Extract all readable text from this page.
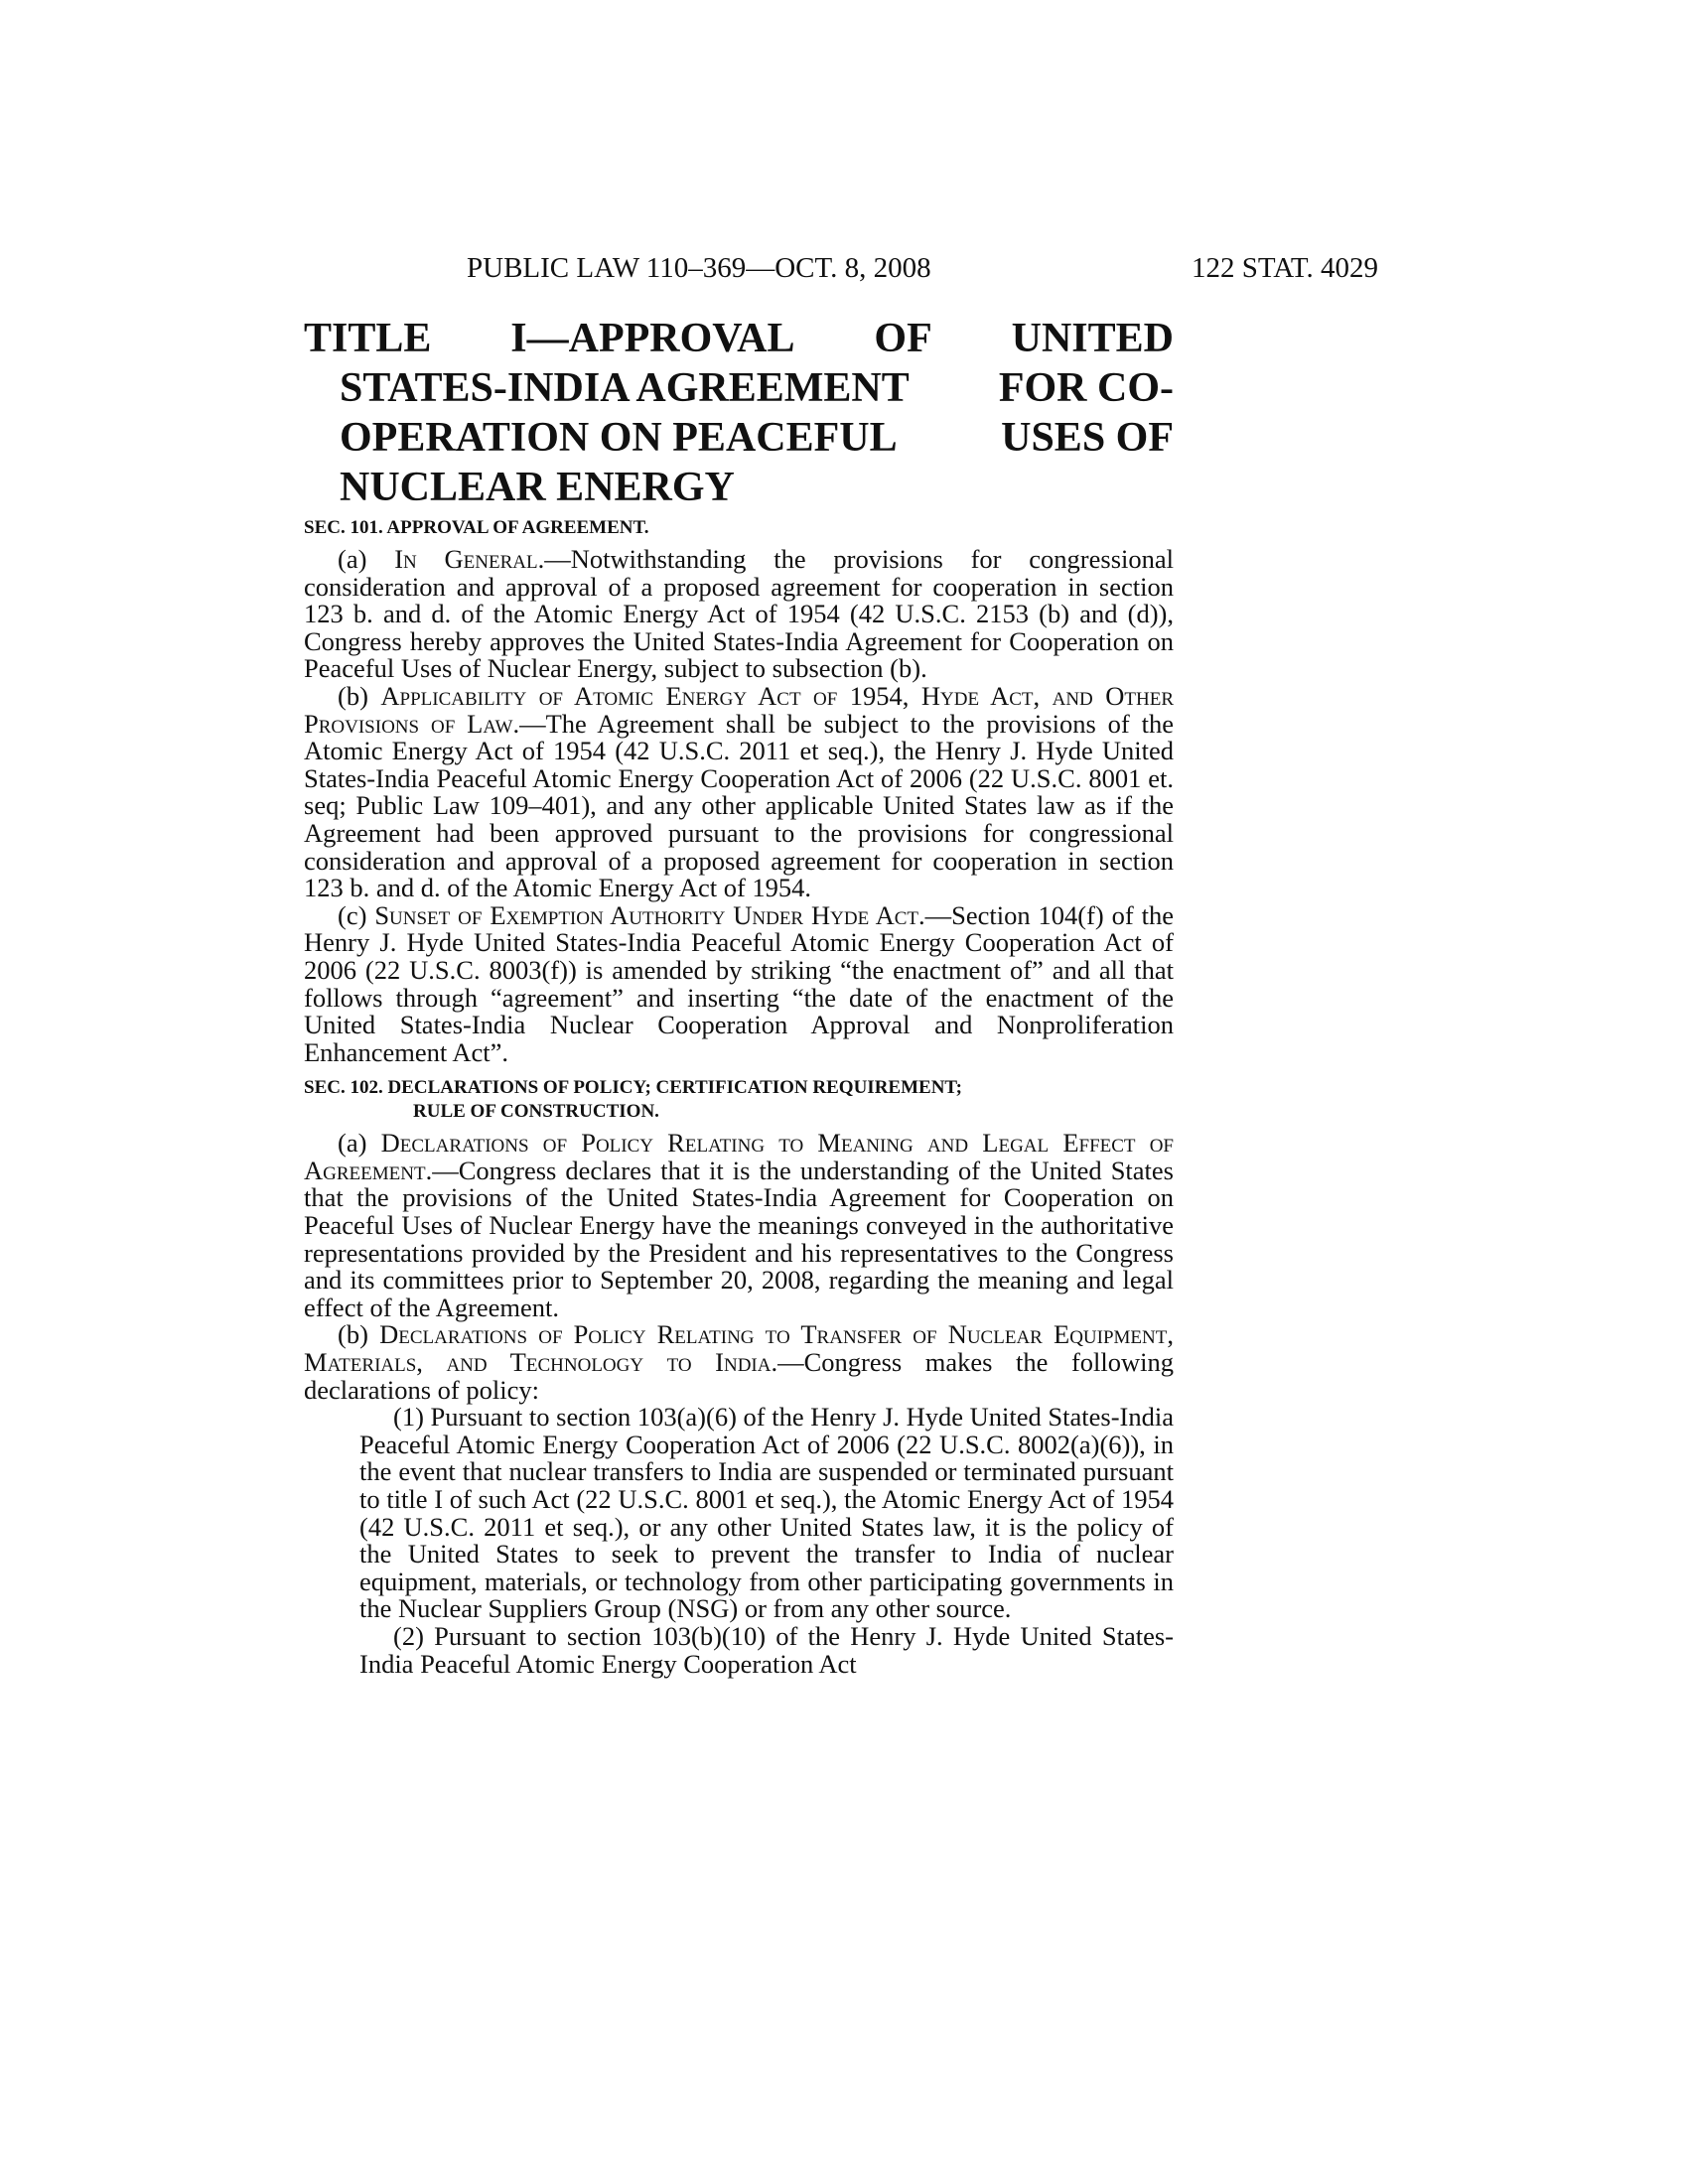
PUBLIC LAW 110–369—OCT. 8, 2008	122 STAT. 4029
TITLE I—APPROVAL OF UNITED
STATES-INDIA AGREEMENT FOR CO-
OPERATION ON PEACEFUL USES OF
NUCLEAR ENERGY
SEC. 101. APPROVAL OF AGREEMENT.

(a) In General.—Notwithstanding the provisions for congressional consideration and approval of a proposed agreement for cooperation in section 123 b. and d. of the Atomic Energy Act of 1954 (42 U.S.C. 2153 (b) and (d)), Congress hereby approves the United States-India Agreement for Cooperation on Peaceful Uses of Nuclear Energy, subject to subsection (b).

(b) Applicability of Atomic Energy Act of 1954, Hyde Act, and Other Provisions of Law.—The Agreement shall be subject to the provisions of the Atomic Energy Act of 1954 (42 U.S.C. 2011 et seq.), the Henry J. Hyde United States-India Peaceful Atomic Energy Cooperation Act of 2006 (22 U.S.C. 8001 et. seq; Public Law 109–401), and any other applicable United States law as if the Agreement had been approved pursuant to the provisions for congressional consideration and approval of a proposed agreement for cooperation in section 123 b. and d. of the Atomic Energy Act of 1954.

(c) Sunset of Exemption Authority Under Hyde Act.—Section 104(f) of the Henry J. Hyde United States-India Peaceful Atomic Energy Cooperation Act of 2006 (22 U.S.C. 8003(f)) is amended by striking “the enactment of” and all that follows through “agreement” and inserting “the date of the enactment of the United States-India Nuclear Cooperation Approval and Nonproliferation Enhancement Act”.

SEC. 102. DECLARATIONS OF POLICY; CERTIFICATION REQUIREMENT;
RULE OF CONSTRUCTION.

(a) Declarations of Policy Relating to Meaning and Legal Effect of Agreement.—Congress declares that it is the understanding of the United States that the provisions of the United States-India Agreement for Cooperation on Peaceful Uses of Nuclear Energy have the meanings conveyed in the authoritative representations provided by the President and his representatives to the Congress and its committees prior to September 20, 2008, regarding the meaning and legal effect of the Agreement.

(b) Declarations of Policy Relating to Transfer of Nuclear Equipment, Materials, and Technology to India.—Congress makes the following declarations of policy:

(1) Pursuant to section 103(a)(6) of the Henry J. Hyde United States-India Peaceful Atomic Energy Cooperation Act of 2006 (22 U.S.C. 8002(a)(6)), in the event that nuclear transfers to India are suspended or terminated pursuant to title I of such Act (22 U.S.C. 8001 et seq.), the Atomic Energy Act of 1954 (42 U.S.C. 2011 et seq.), or any other United States law, it is the policy of the United States to seek to prevent the transfer to India of nuclear equipment, materials, or technology from other participating governments in the Nuclear Suppliers Group (NSG) or from any other source.

(2) Pursuant to section 103(b)(10) of the Henry J. Hyde United States-India Peaceful Atomic Energy Cooperation Act
